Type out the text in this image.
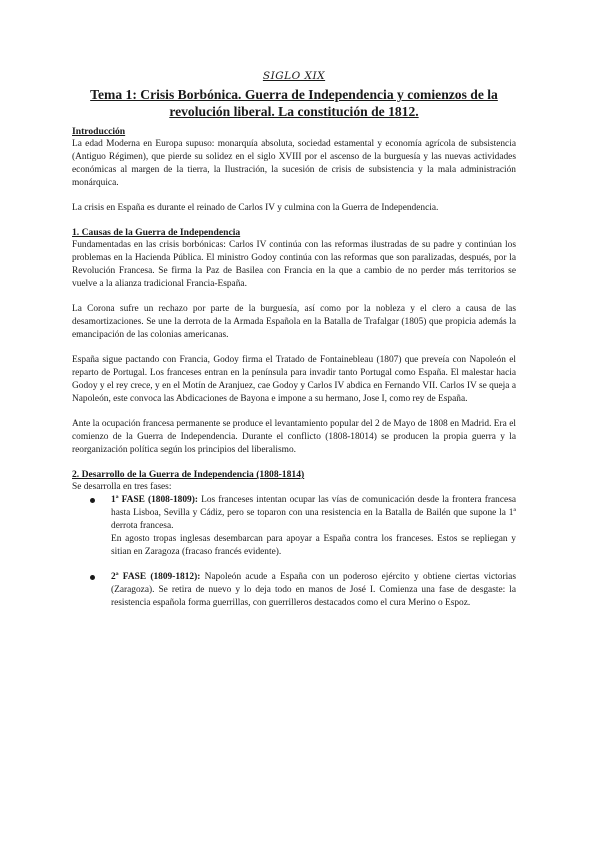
SIGLO XIX
Tema 1: Crisis Borbónica. Guerra de Independencia y comienzos de la revolución liberal. La constitución de 1812.
Introducción

La edad Moderna en Europa supuso: monarquía absoluta, sociedad estamental y economía agrícola de subsistencia (Antiguo Régimen), que pierde su solidez en el siglo XVIII por el ascenso de la burguesía y las nuevas actividades económicas al margen de la tierra, la Ilustración, la sucesión de crisis de subsistencia y la mala administración monárquica.

La crisis en España es durante el reinado de Carlos IV y culmina con la Guerra de Independencia.

1. Causas de la Guerra de Independencia

Fundamentadas en las crisis borbónicas: Carlos IV continúa con las reformas ilustradas de su padre y continúan los problemas en la Hacienda Pública. El ministro Godoy continúa con las reformas que son paralizadas, después, por la Revolución Francesa. Se firma la Paz de Basilea con Francia en la que a cambio de no perder más territorios se vuelve a la alianza tradicional Francia-España.

La Corona sufre un rechazo por parte de la burguesía, así como por la nobleza y el clero a causa de las desamortizaciones. Se une la derrota de la Armada Española en la Batalla de Trafalgar (1805) que propicia además la emancipación de las colonias americanas.

España sigue pactando con Francia, Godoy firma el Tratado de Fontainebleau (1807) que preveía con Napoleón el reparto de Portugal. Los franceses entran en la península para invadir tanto Portugal como España. El malestar hacia Godoy y el rey crece, y en el Motín de Aranjuez, cae Godoy y Carlos IV abdica en Fernando VII. Carlos IV se queja a Napoleón, este convoca las Abdicaciones de Bayona e impone a su hermano, Jose I, como rey de España.

Ante la ocupación francesa permanente se produce el levantamiento popular del 2 de Mayo de 1808 en Madrid. Era el comienzo de la Guerra de Independencia. Durante el conflicto (1808-18014) se producen la propia guerra y la reorganización política según los principios del liberalismo.

2. Desarrollo de la Guerra de Independencia (1808-1814)

Se desarrolla en tres fases:

1ª FASE (1808-1809): Los franceses intentan ocupar las vías de comunicación desde la frontera francesa hasta Lisboa, Sevilla y Cádiz, pero se toparon con una resistencia en la Batalla de Bailén que supone la 1ª derrota francesa.

En agosto tropas inglesas desembarcan para apoyar a España contra los franceses. Estos se repliegan y sitian en Zaragoza (fracaso francés evidente).

2ª FASE (1809-1812): Napoleón acude a España con un poderoso ejército y obtiene ciertas victorias (Zaragoza). Se retira de nuevo y lo deja todo en manos de José I. Comienza una fase de desgaste: la resistencia española forma guerrillas, con guerrilleros destacados como el cura Merino o Espoz.
